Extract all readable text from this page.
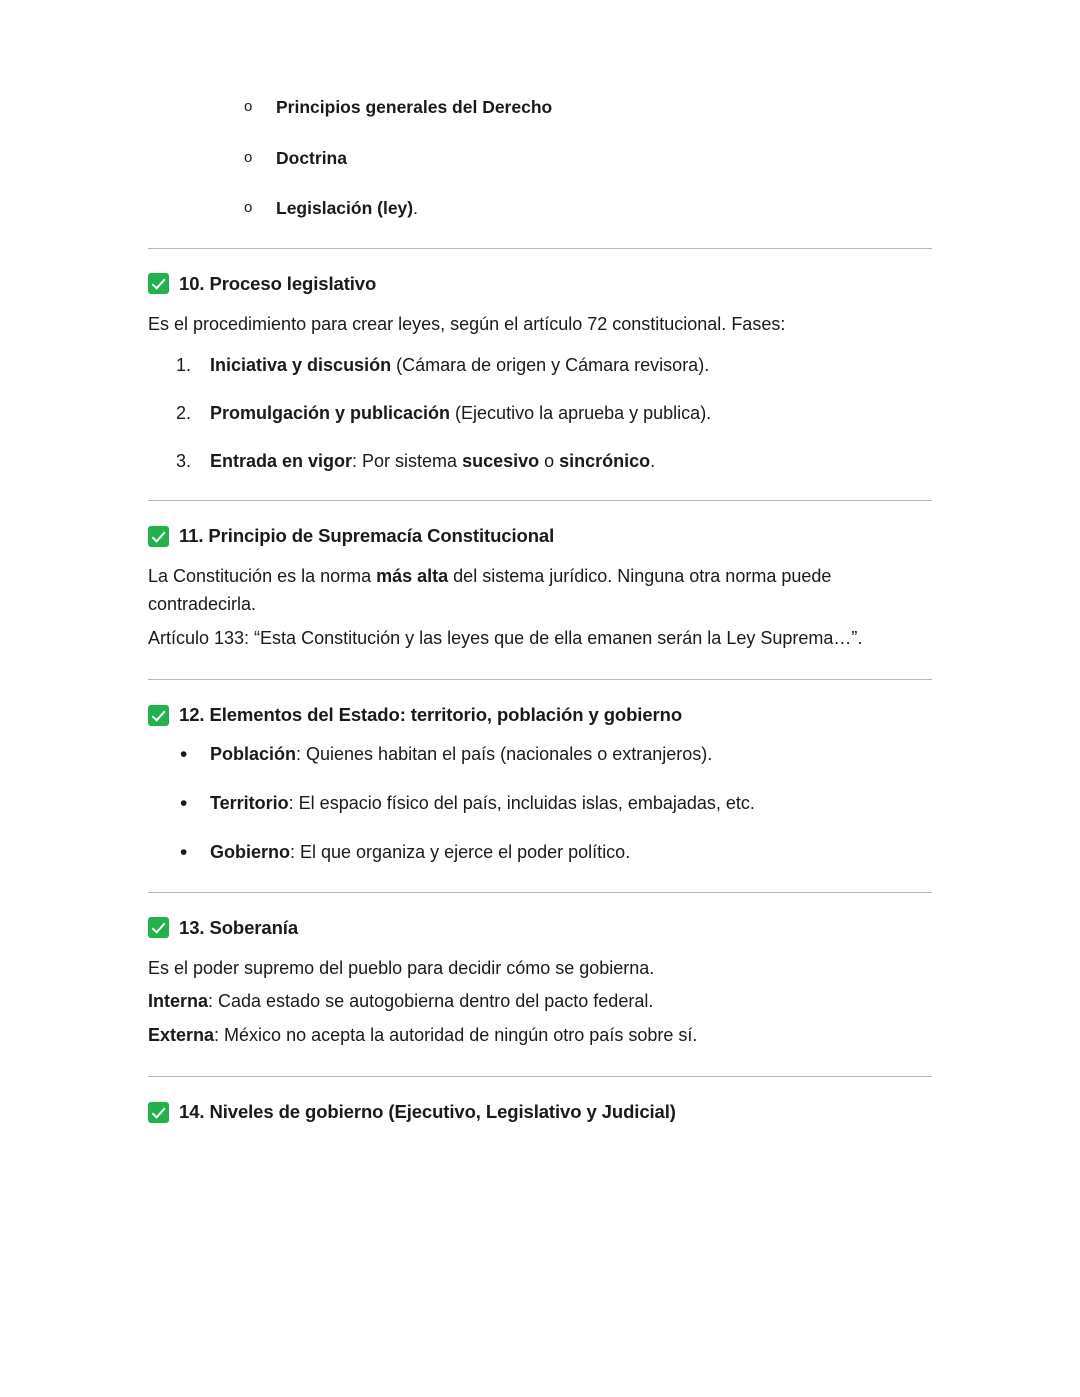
o Principios generales del Derecho
o Doctrina
o Legislación (ley).
10. Proceso legislativo

Es el procedimiento para crear leyes, según el artículo 72 constitucional. Fases:

Iniciativa y discusión (Cámara de origen y Cámara revisora).
Promulgación y publicación (Ejecutivo la aprueba y publica).
Entrada en vigor: Por sistema sucesivo o sincrónico.
11. Principio de Supremacía Constitucional

La Constitución es la norma más alta del sistema jurídico. Ninguna otra norma puede contradecirla.

Artículo 133: “Esta Constitución y las leyes que de ella emanen serán la Ley Suprema…”.

12. Elementos del Estado: territorio, población y gobierno
• Población: Quienes habitan el país (nacionales o extranjeros).
• Territorio: El espacio físico del país, incluidas islas, embajadas, etc.
• Gobierno: El que organiza y ejerce el poder político.
13. Soberanía

Es el poder supremo del pueblo para decidir cómo se gobierna.

Interna: Cada estado se autogobierna dentro del pacto federal.

Externa: México no acepta la autoridad de ningún otro país sobre sí.

14. Niveles de gobierno (Ejecutivo, Legislativo y Judicial)
